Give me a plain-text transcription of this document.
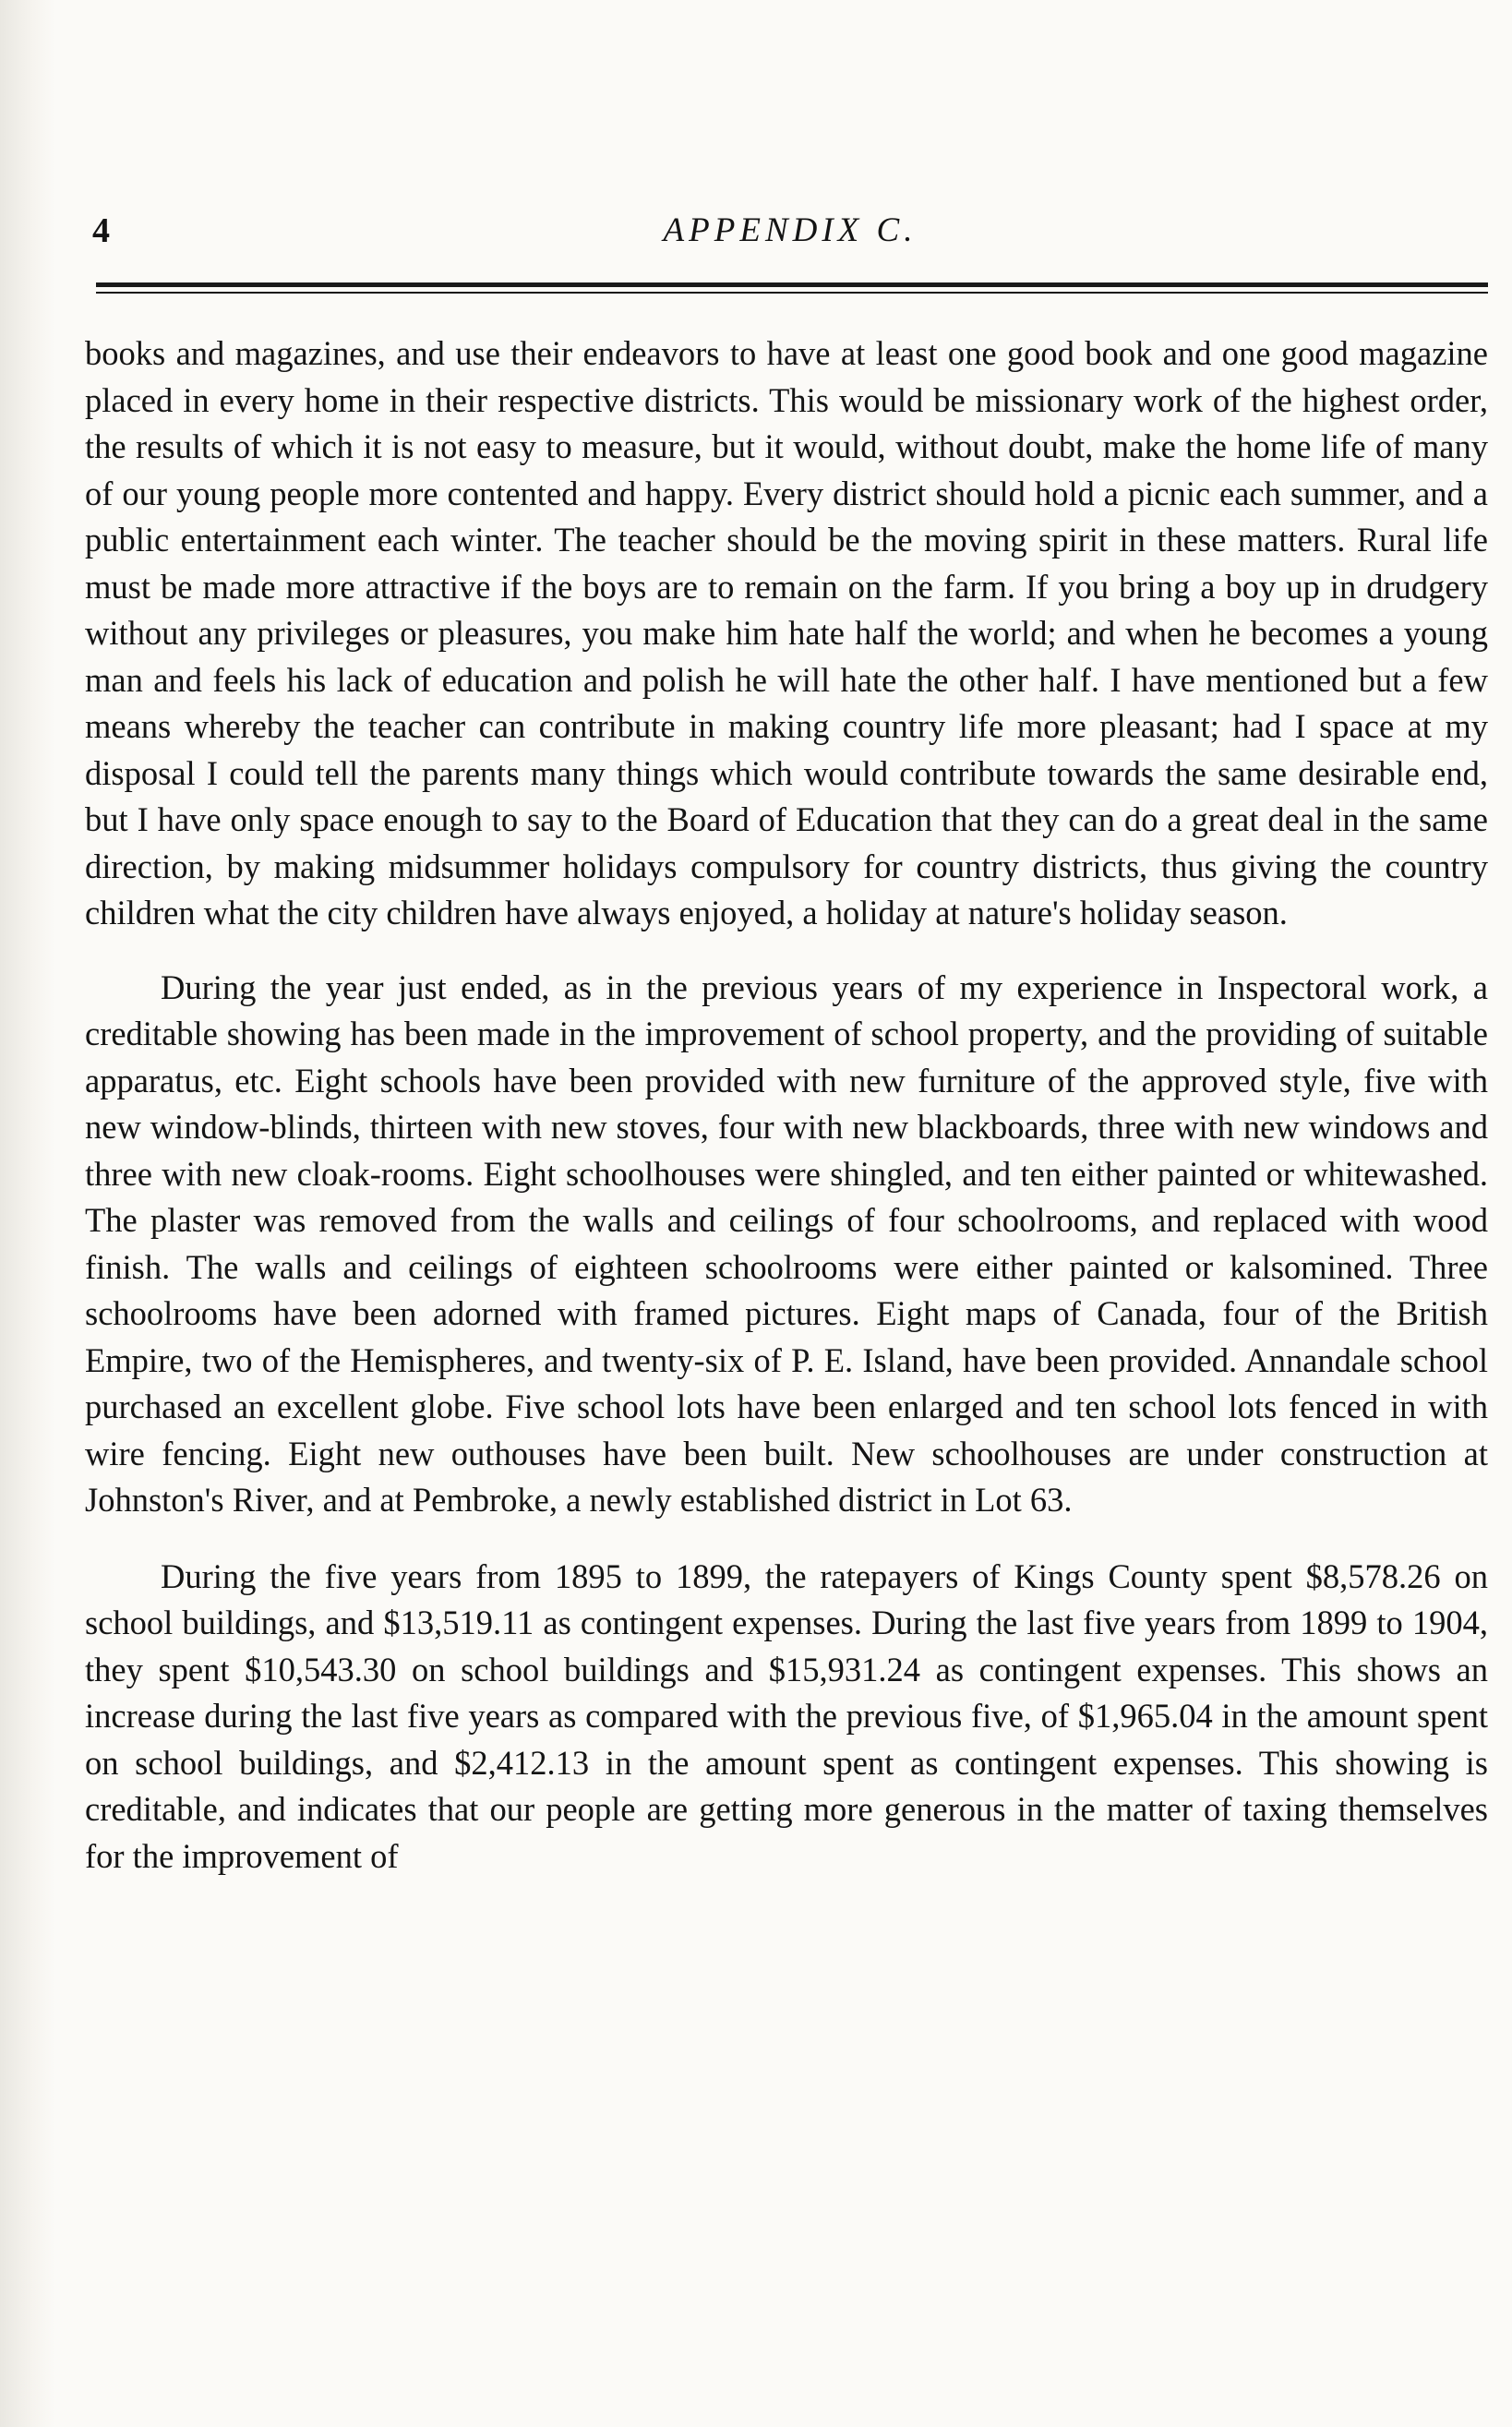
4	APPENDIX C.

books and magazines, and use their endeavors to have at least one good book and one good magazine placed in every home in their respective districts. This would be missionary work of the highest order, the results of which it is not easy to measure, but it would, without doubt, make the home life of many of our young people more contented and happy. Every district should hold a picnic each summer, and a public entertainment each winter. The teacher should be the moving spirit in these matters. Rural life must be made more attractive if the boys are to remain on the farm. If you bring a boy up in drudgery without any privileges or pleasures, you make him hate half the world; and when he becomes a young man and feels his lack of education and polish he will hate the other half. I have mentioned but a few means whereby the teacher can contribute in making country life more pleasant; had I space at my disposal I could tell the parents many things which would contribute towards the same desirable end, but I have only space enough to say to the Board of Education that they can do a great deal in the same direction, by making midsummer holidays compulsory for country districts, thus giving the country children what the city children have always enjoyed, a holiday at nature's holiday season.

During the year just ended, as in the previous years of my experience in Inspectoral work, a creditable showing has been made in the improvement of school property, and the providing of suitable apparatus, etc. Eight schools have been provided with new furniture of the approved style, five with new window-blinds, thirteen with new stoves, four with new blackboards, three with new windows and three with new cloak-rooms. Eight schoolhouses were shingled, and ten either painted or whitewashed. The plaster was removed from the walls and ceilings of four schoolrooms, and replaced with wood finish. The walls and ceilings of eighteen schoolrooms were either painted or kalsomined. Three schoolrooms have been adorned with framed pictures. Eight maps of Canada, four of the British Empire, two of the Hemispheres, and twenty-six of P. E. Island, have been provided. Annandale school purchased an excellent globe. Five school lots have been enlarged and ten school lots fenced in with wire fencing. Eight new outhouses have been built. New schoolhouses are under construction at Johnston's River, and at Pembroke, a newly established district in Lot 63.

During the five years from 1895 to 1899, the ratepayers of Kings County spent $8,578.26 on school buildings, and $13,519.11 as contingent expenses. During the last five years from 1899 to 1904, they spent $10,543.30 on school buildings and $15,931.24 as contingent expenses. This shows an increase during the last five years as compared with the previous five, of $1,965.04 in the amount spent on school buildings, and $2,412.13 in the amount spent as contingent expenses. This showing is creditable, and indicates that our people are getting more generous in the matter of taxing themselves for the improvement of
